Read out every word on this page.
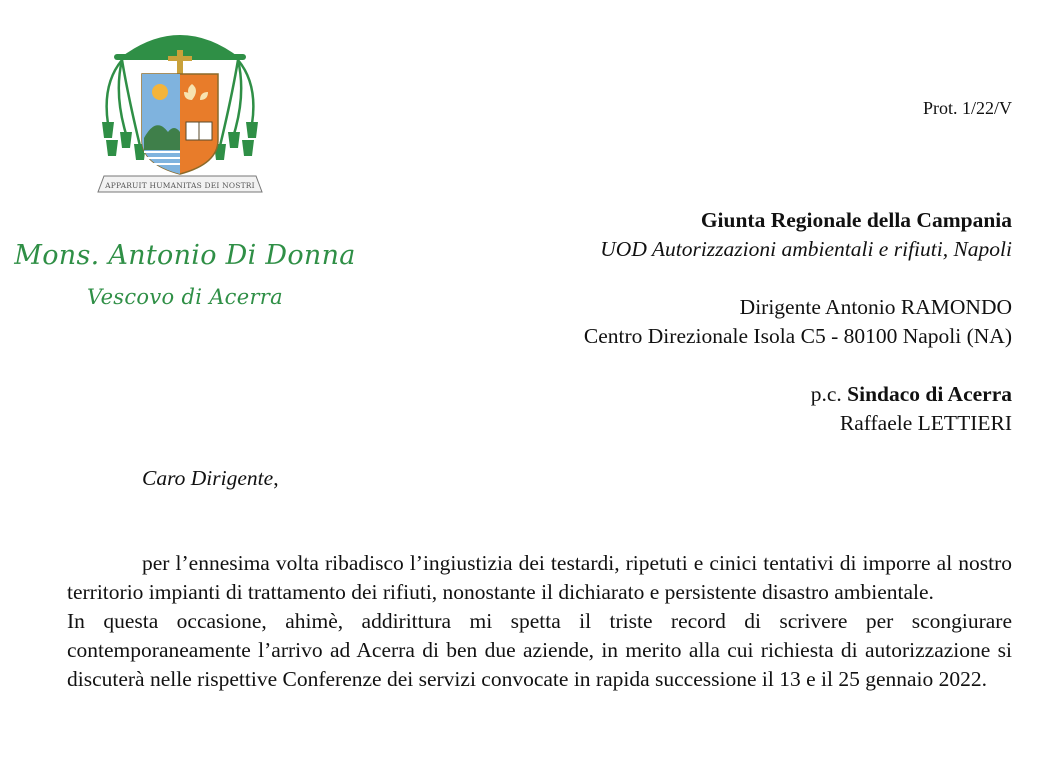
APPARUIT HUMANITAS DEI NOSTRI
Mons. Antonio Di Donna
Vescovo di Acerra
Prot. 1/22/V
Giunta Regionale della Campania
UOD Autorizzazioni ambientali e rifiuti, Napoli
Dirigente Antonio RAMONDO
Centro Direzionale Isola C5 - 80100 Napoli (NA)
p.c. Sindaco di Acerra
Raffaele LETTIERI
Caro Dirigente,

per l’ennesima volta ribadisco l’ingiustizia dei testardi, ripetuti e cinici tentativi di imporre al nostro territorio impianti di trattamento dei rifiuti, nonostante il dichiarato e persistente disastro ambientale.

In questa occasione, ahimè, addirittura mi spetta il triste record di scrivere per scongiurare contemporaneamente l’arrivo ad Acerra di ben due aziende, in merito alla cui richiesta di autorizzazione si discuterà nelle rispettive Conferenze dei servizi convocate in rapida successione il 13 e il 25 gennaio 2022.
